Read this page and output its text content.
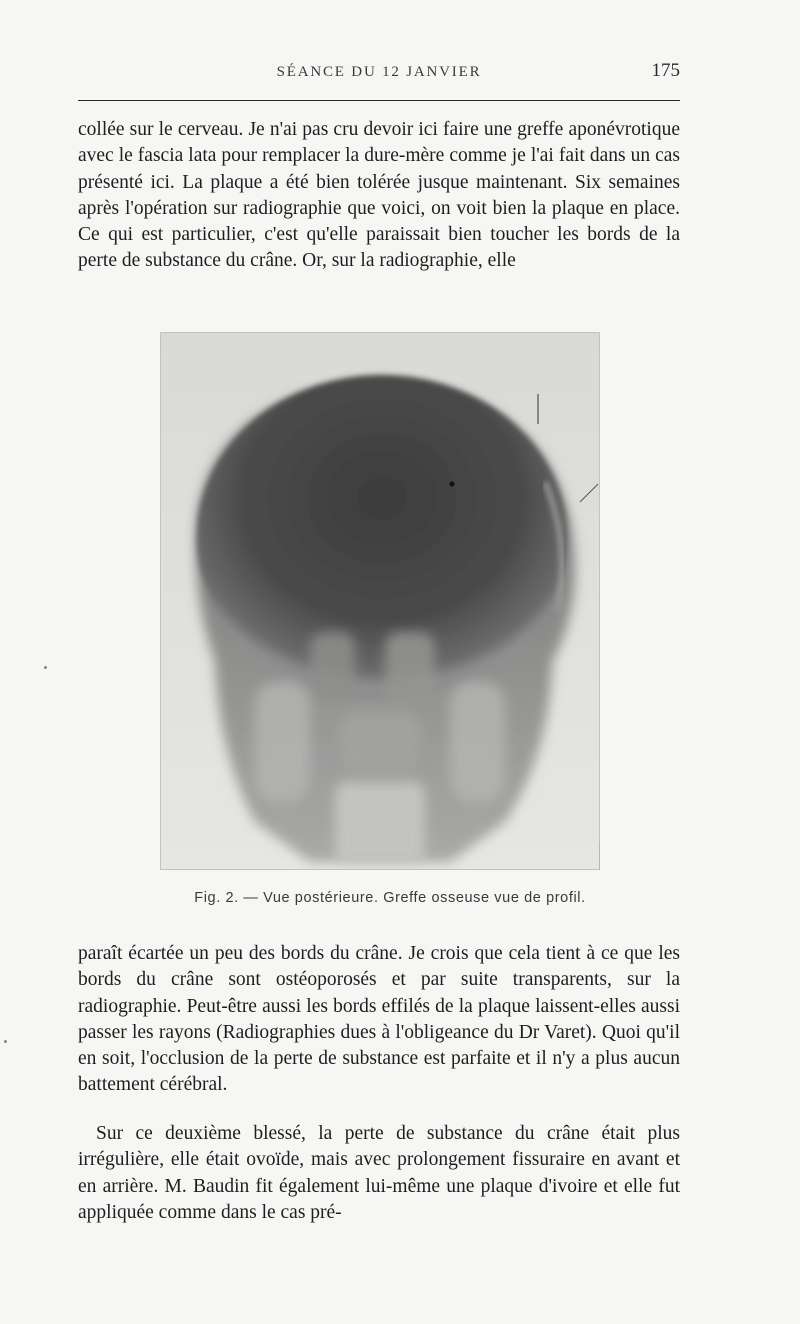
SÉANCE DU 12 JANVIER	175

collée sur le cerveau. Je n'ai pas cru devoir ici faire une greffe aponévrotique avec le fascia lata pour remplacer la dure-mère comme je l'ai fait dans un cas présenté ici. La plaque a été bien tolérée jusque maintenant. Six semaines après l'opération sur radiographie que voici, on voit bien la plaque en place. Ce qui est particulier, c'est qu'elle paraissait bien toucher les bords de la perte de substance du crâne. Or, sur la radiographie, elle

Fig. 2. — Vue postérieure. Greffe osseuse vue de profil.

paraît écartée un peu des bords du crâne. Je crois que cela tient à ce que les bords du crâne sont ostéoporosés et par suite transparents, sur la radiographie. Peut-être aussi les bords effilés de la plaque laissent-elles aussi passer les rayons (Radiographies dues à l'obligeance du Dr Varet). Quoi qu'il en soit, l'occlusion de la perte de substance est parfaite et il n'y a plus aucun battement cérébral.

Sur ce deuxième blessé, la perte de substance du crâne était plus irrégulière, elle était ovoïde, mais avec prolongement fissuraire en avant et en arrière. M. Baudin fit également lui-même une plaque d'ivoire et elle fut appliquée comme dans le cas pré-
